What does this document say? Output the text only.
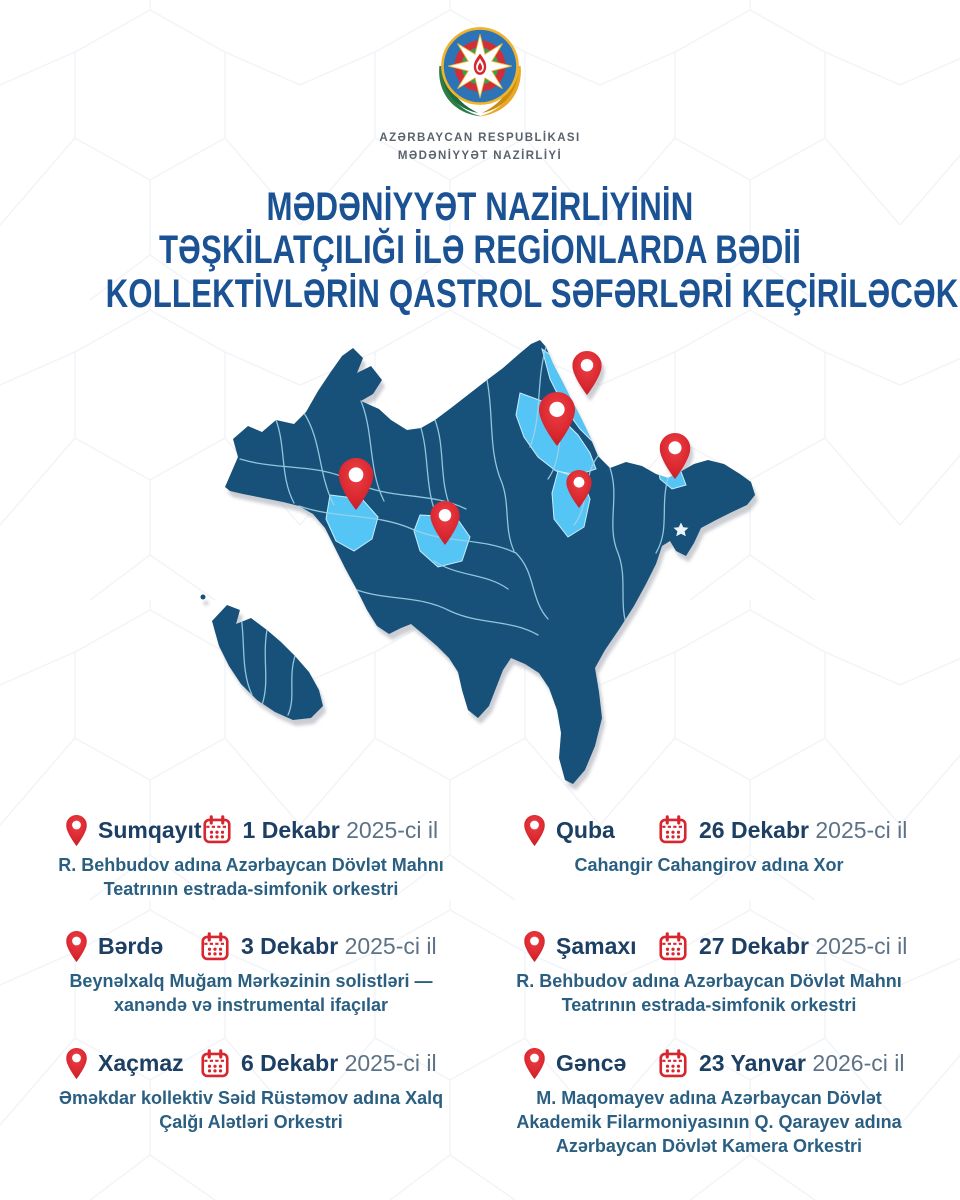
AZƏRBAYCAN RESPUBLİKASI
MƏDƏNİYYƏT NAZİRLİYİ
MƏDƏNİYYƏT NAZİRLİYİNİN
TƏŞKİLATÇILIĞI İLƏ REGİONLARDA BƏDİİ
KOLLEKTİVLƏRİN QASTROL SƏFƏRLƏRİ KEÇİRİLƏCƏK
Sumqayıt 1 Dekabr 2025-ci il
R. Behbudov adına Azərbaycan Dövlət Mahnı Teatrının estrada-simfonik orkestri
Quba	26 Dekabr 2025-ci il
Cahangir Cahangirov adına Xor
Bərdə	3 Dekabr 2025-ci il
Beynəlxalq Muğam Mərkəzinin solistləri — xanəndə və instrumental ifaçılar
Şamaxı	27 Dekabr 2025-ci il
R. Behbudov adına Azərbaycan Dövlət Mahnı Teatrının estrada-simfonik orkestri
Xaçmaz	6 Dekabr 2025-ci il
Əməkdar kollektiv Səid Rüstəmov adına Xalq Çalğı Alətləri Orkestri
Gəncə	23 Yanvar 2026-ci il
M. Maqomayev adına Azərbaycan Dövlət Akademik Filarmoniyasının Q. Qarayev adına Azərbaycan Dövlət Kamera Orkestri
